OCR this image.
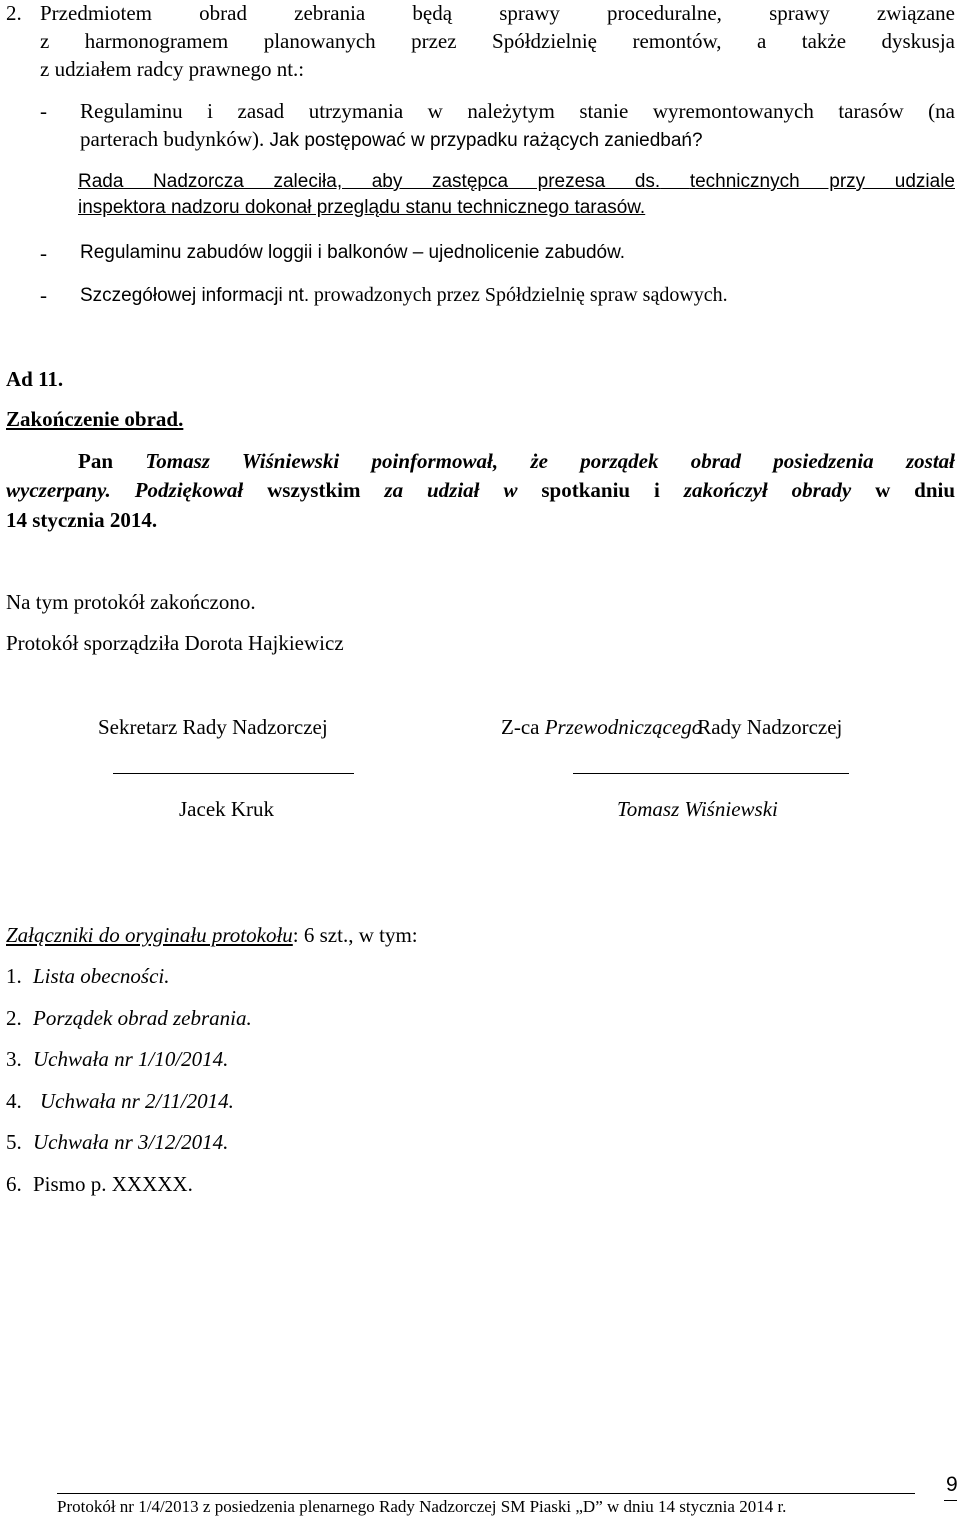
2. Przedmiotem obrad zebrania będą sprawy proceduralne, sprawy związane
z harmonogramem planowanych przez Spółdzielnię remontów, a także dyskusja
z udziałem radcy prawnego nt.:
- Regulaminu i zasad utrzymania w należytym stanie wyremontowanych tarasów (na
parterach budynków). Jak postępować w przypadku rażących zaniedbań?
Rada Nadzorcza zaleciła, aby zastępca prezesa ds. technicznych przy udziale
inspektora nadzoru dokonał przeglądu stanu technicznego tarasów.
- Regulaminu zabudów loggii i balkonów – ujednolicenie zabudów.
- Szczegółowej informacji nt. prowadzonych przez Spółdzielnię spraw sądowych.
Ad 11.
Zakończenie obrad.
Pan Tomasz Wiśniewski poinformował, że porządek obrad posiedzenia został
wyczerpany. Podziękował wszystkim za udział w spotkaniu i zakończył obrady w dniu
14 stycznia 2014.
Na tym protokół zakończono.
Protokół sporządziła Dorota Hajkiewicz
Sekretarz Rady Nadzorczej
Jacek Kruk
Z-ca PrzewodniczącegoRady Nadzorczej
Tomasz Wiśniewski
Załączniki do oryginału protokołu: 6 szt., w tym:
1. Lista obecności.
2. Porządek obrad zebrania.
3. Uchwała nr 1/10/2014.
4. Uchwała nr 2/11/2014.
5. Uchwała nr 3/12/2014.
6. Pismo p. XXXXX.
Protokół nr 1/4/2013 z posiedzenia plenarnego Rady Nadzorczej SM Piaski „D” w dniu 14 stycznia 2014 r.
9
